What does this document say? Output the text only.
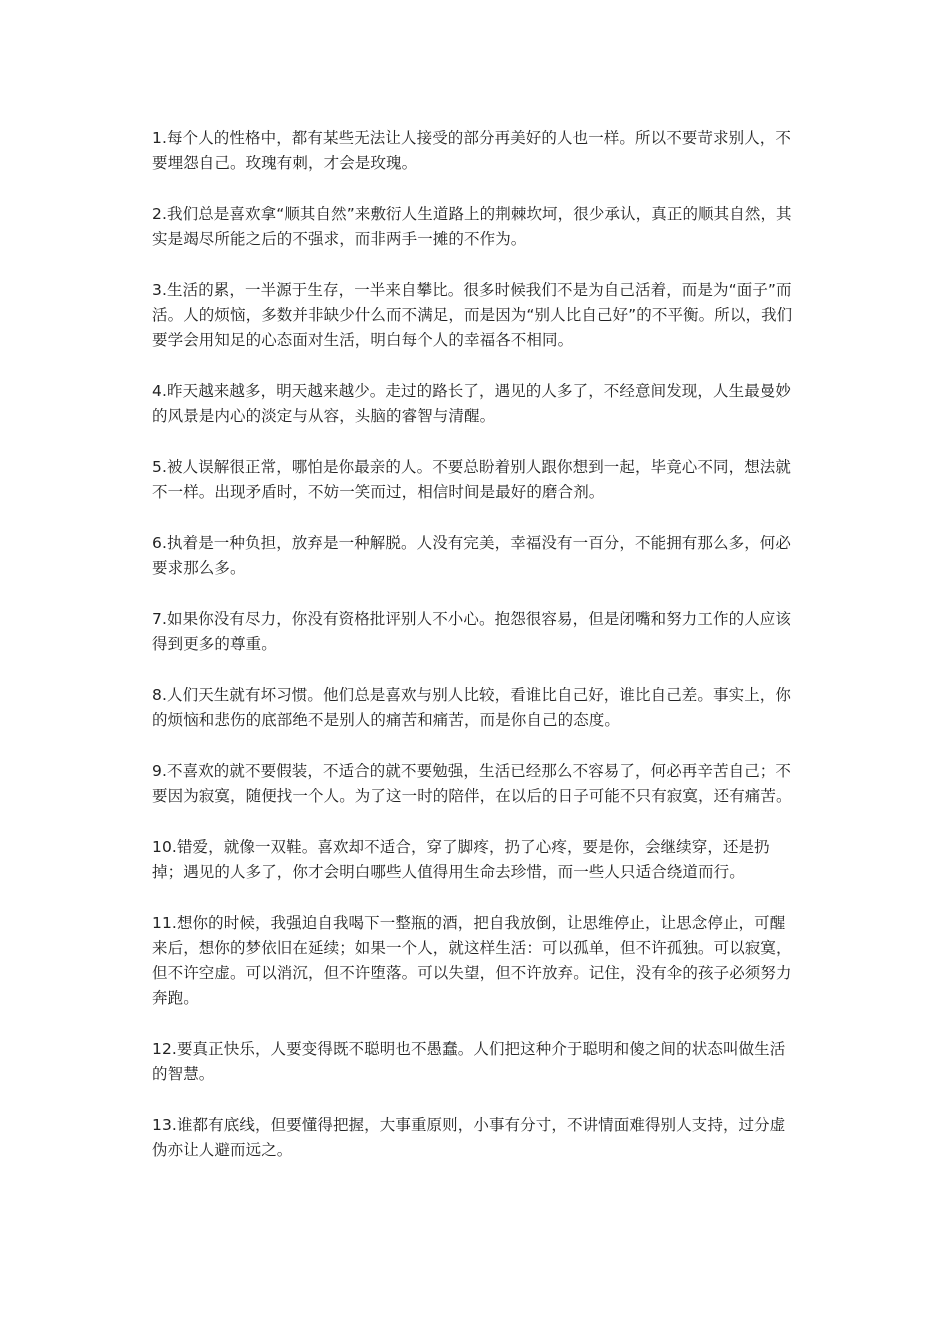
1.每个人的性格中，都有某些无法让人接受的部分再美好的人也一样。所以不要苛求别人，不要埋怨自己。玫瑰有刺，才会是玫瑰。

2.我们总是喜欢拿“顺其自然”来敷衍人生道路上的荆棘坎坷，很少承认，真正的顺其自然，其实是竭尽所能之后的不强求，而非两手一摊的不作为。

3.生活的累，一半源于生存，一半来自攀比。很多时候我们不是为自己活着，而是为“面子”而活。人的烦恼，多数并非缺少什么而不满足，而是因为“别人比自己好”的不平衡。所以，我们要学会用知足的心态面对生活，明白每个人的幸福各不相同。

4.昨天越来越多，明天越来越少。走过的路长了，遇见的人多了，不经意间发现，人生最曼妙的风景是内心的淡定与从容，头脑的睿智与清醒。

5.被人误解很正常，哪怕是你最亲的人。不要总盼着别人跟你想到一起，毕竟心不同，想法就不一样。出现矛盾时，不妨一笑而过，相信时间是最好的磨合剂。

6.执着是一种负担，放弃是一种解脱。人没有完美，幸福没有一百分，不能拥有那么多，何必要求那么多。

7.如果你没有尽力，你没有资格批评别人不小心。抱怨很容易，但是闭嘴和努力工作的人应该得到更多的尊重。

8.人们天生就有坏习惯。他们总是喜欢与别人比较，看谁比自己好，谁比自己差。事实上，你的烦恼和悲伤的底部绝不是别人的痛苦和痛苦，而是你自己的态度。

9.不喜欢的就不要假装，不适合的就不要勉强，生活已经那么不容易了，何必再辛苦自己；不要因为寂寞，随便找一个人。为了这一时的陪伴，在以后的日子可能不只有寂寞，还有痛苦。

10.错爱，就像一双鞋。喜欢却不适合，穿了脚疼，扔了心疼，要是你，会继续穿，还是扔掉；遇见的人多了，你才会明白哪些人值得用生命去珍惜，而一些人只适合绕道而行。

11.想你的时候，我强迫自我喝下一整瓶的酒，把自我放倒，让思维停止，让思念停止，可醒来后，想你的梦依旧在延续；如果一个人，就这样生活：可以孤单，但不许孤独。可以寂寞，但不许空虚。可以消沉，但不许堕落。可以失望，但不许放弃。记住，没有伞的孩子必须努力奔跑。

12.要真正快乐，人要变得既不聪明也不愚蠢。人们把这种介于聪明和傻之间的状态叫做生活的智慧。

13.谁都有底线，但要懂得把握，大事重原则，小事有分寸，不讲情面难得别人支持，过分虚伪亦让人避而远之。
